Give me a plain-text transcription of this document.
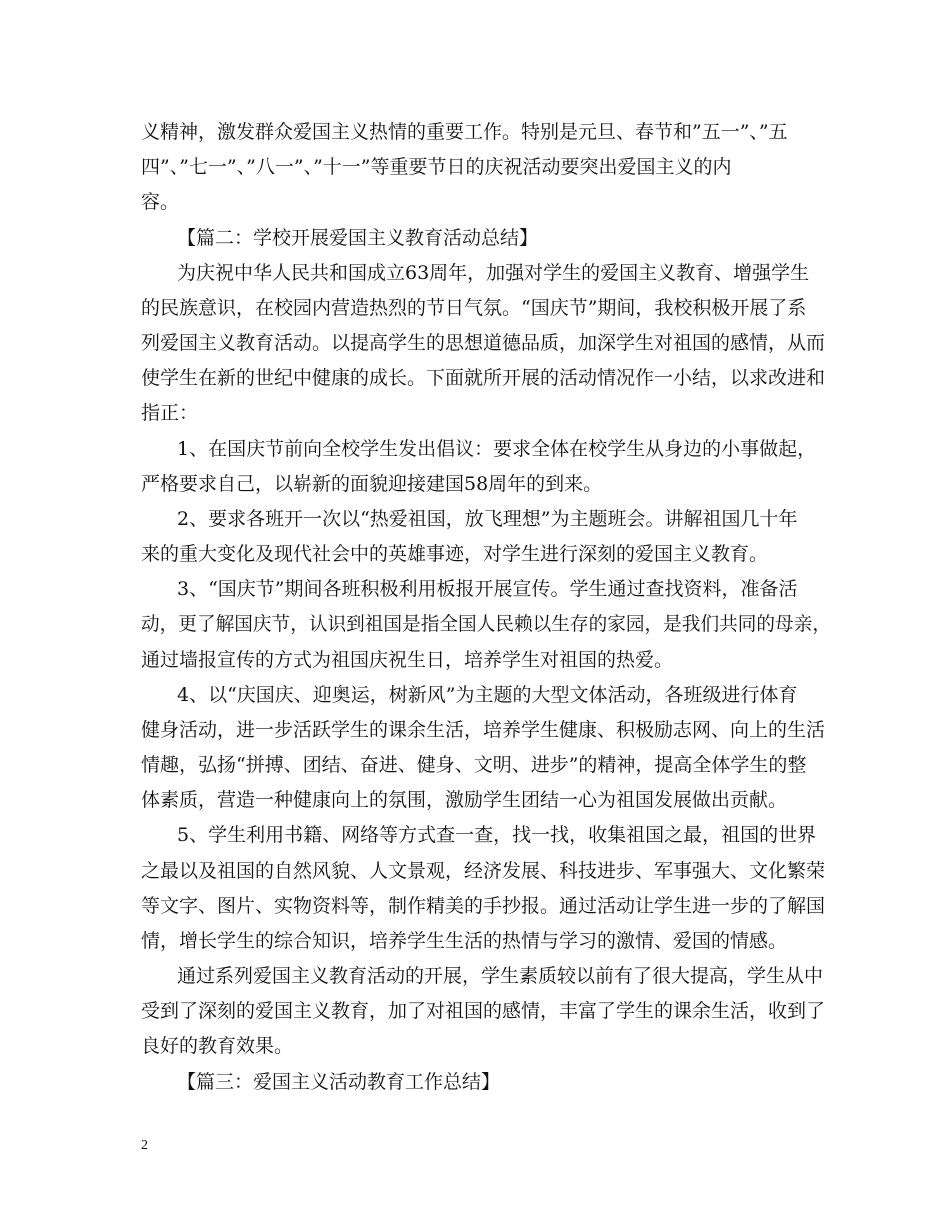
义精神，激发群众爱国主义热情的重要工作。特别是元旦、春节和”五一”、”五
四”、”七一”、”八一”、”十一”等重要节日的庆祝活动要突出爱国主义的内
容。
【篇二：学校开展爱国主义教育活动总结】
为庆祝中华人民共和国成立63周年，加强对学生的爱国主义教育、增强学生
的民族意识，在校园内营造热烈的节日气氛。“国庆节”期间，我校积极开展了系
列爱国主义教育活动。以提高学生的思想道德品质，加深学生对祖国的感情，从而
使学生在新的世纪中健康的成长。下面就所开展的活动情况作一小结，以求改进和
指正：
1、在国庆节前向全校学生发出倡议：要求全体在校学生从身边的小事做起，
严格要求自己，以崭新的面貌迎接建国58周年的到来。
2、要求各班开一次以“热爱祖国，放飞理想”为主题班会。讲解祖国几十年
来的重大变化及现代社会中的英雄事迹，对学生进行深刻的爱国主义教育。
3、“国庆节”期间各班积极利用板报开展宣传。学生通过查找资料，准备活
动，更了解国庆节，认识到祖国是指全国人民赖以生存的家园，是我们共同的母亲，
通过墙报宣传的方式为祖国庆祝生日，培养学生对祖国的热爱。
4、以“庆国庆、迎奥运，树新风”为主题的大型文体活动，各班级进行体育
健身活动，进一步活跃学生的课余生活，培养学生健康、积极励志网、向上的生活
情趣，弘扬“拼搏、团结、奋进、健身、文明、进步”的精神，提高全体学生的整
体素质，营造一种健康向上的氛围，激励学生团结一心为祖国发展做出贡献。
5、学生利用书籍、网络等方式查一查，找一找，收集祖国之最，祖国的世界
之最以及祖国的自然风貌、人文景观，经济发展、科技进步、军事强大、文化繁荣
等文字、图片、实物资料等，制作精美的手抄报。通过活动让学生进一步的了解国
情，增长学生的综合知识，培养学生生活的热情与学习的激情、爱国的情感。
通过系列爱国主义教育活动的开展，学生素质较以前有了很大提高，学生从中
受到了深刻的爱国主义教育，加了对祖国的感情，丰富了学生的课余生活，收到了
良好的教育效果。
【篇三：爱国主义活动教育工作总结】
2
